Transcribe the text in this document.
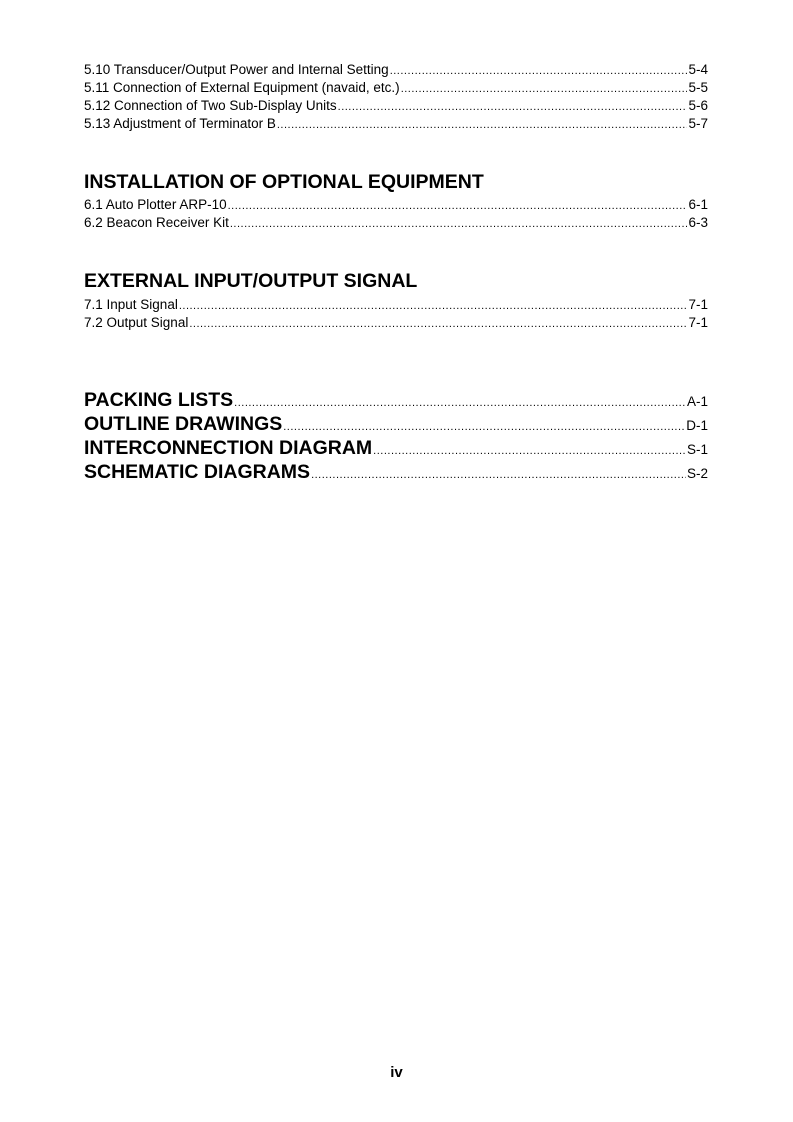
5.10 Transducer/Output Power and Internal Setting .....	5-4
5.11 Connection of External Equipment (navaid, etc.) .....	5-5
5.12 Connection of Two Sub-Display Units .....	5-6
5.13 Adjustment of Terminator B .....	5-7
INSTALLATION OF OPTIONAL EQUIPMENT
6.1 Auto Plotter ARP-10 .....	6-1
6.2 Beacon Receiver Kit .....	6-3
EXTERNAL INPUT/OUTPUT SIGNAL
7.1 Input Signal .....	7-1
7.2 Output Signal .....	7-1
PACKING LISTS .....	A-1
OUTLINE DRAWINGS .....	D-1
INTERCONNECTION DIAGRAM .....	S-1
SCHEMATIC DIAGRAMS .....	S-2
iv
